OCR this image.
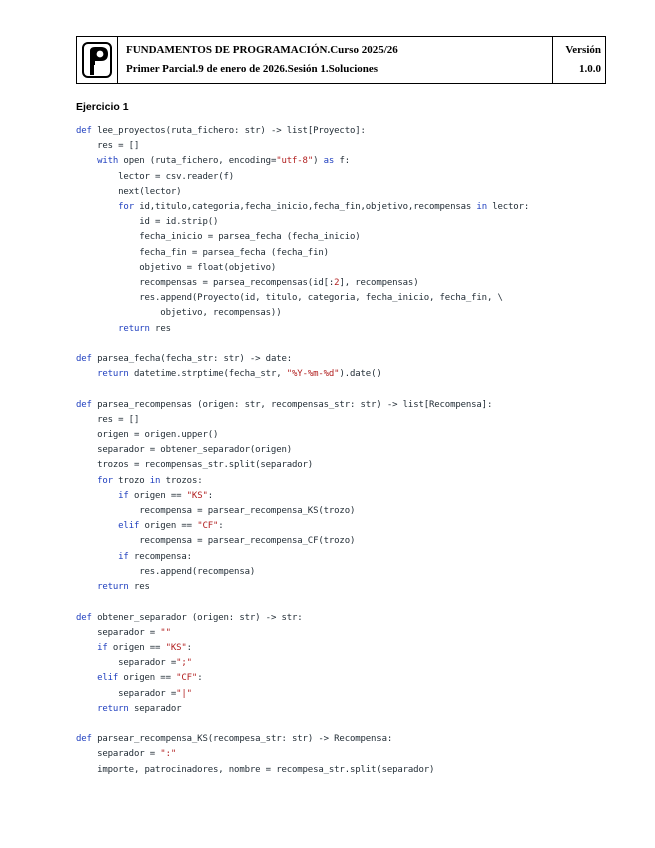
FUNDAMENTOS DE PROGRAMACIÓN.Curso 2025/26
Primer Parcial.9 de enero de 2026.Sesión 1.Soluciones
Versión
1.0.0
Ejercicio 1
def lee_proyectos(ruta_fichero: str) -> list[Proyecto]:
res = []
with open (ruta_fichero, encoding="utf-8") as f:
lector = csv.reader(f)
next(lector)
for id,titulo,categoria,fecha_inicio,fecha_fin,objetivo,recompensas in lector:
id = id.strip()
fecha_inicio = parsea_fecha (fecha_inicio)
fecha_fin = parsea_fecha (fecha_fin)
objetivo = float(objetivo)
recompensas = parsea_recompensas(id[:2], recompensas)
res.append(Proyecto(id, titulo, categoria, fecha_inicio, fecha_fin, \
objetivo, recompensas))
return res

def parsea_fecha(fecha_str: str) -> date:
return datetime.strptime(fecha_str, "%Y-%m-%d").date()

def parsea_recompensas (origen: str, recompensas_str: str) -> list[Recompensa]:
res = []
origen = origen.upper()
separador = obtener_separador(origen)
trozos = recompensas_str.split(separador)
for trozo in trozos:
if origen == "KS":
recompensa = parsear_recompensa_KS(trozo)
elif origen == "CF":
recompensa = parsear_recompensa_CF(trozo)
if recompensa:
res.append(recompensa)
return res

def obtener_separador (origen: str) -> str:
separador = ""
if origen == "KS":
separador =";"
elif origen == "CF":
separador ="|"
return separador

def parsear_recompensa_KS(recompesa_str: str) -> Recompensa:
separador = ":"
importe, patrocinadores, nombre = recompesa_str.split(separador)
